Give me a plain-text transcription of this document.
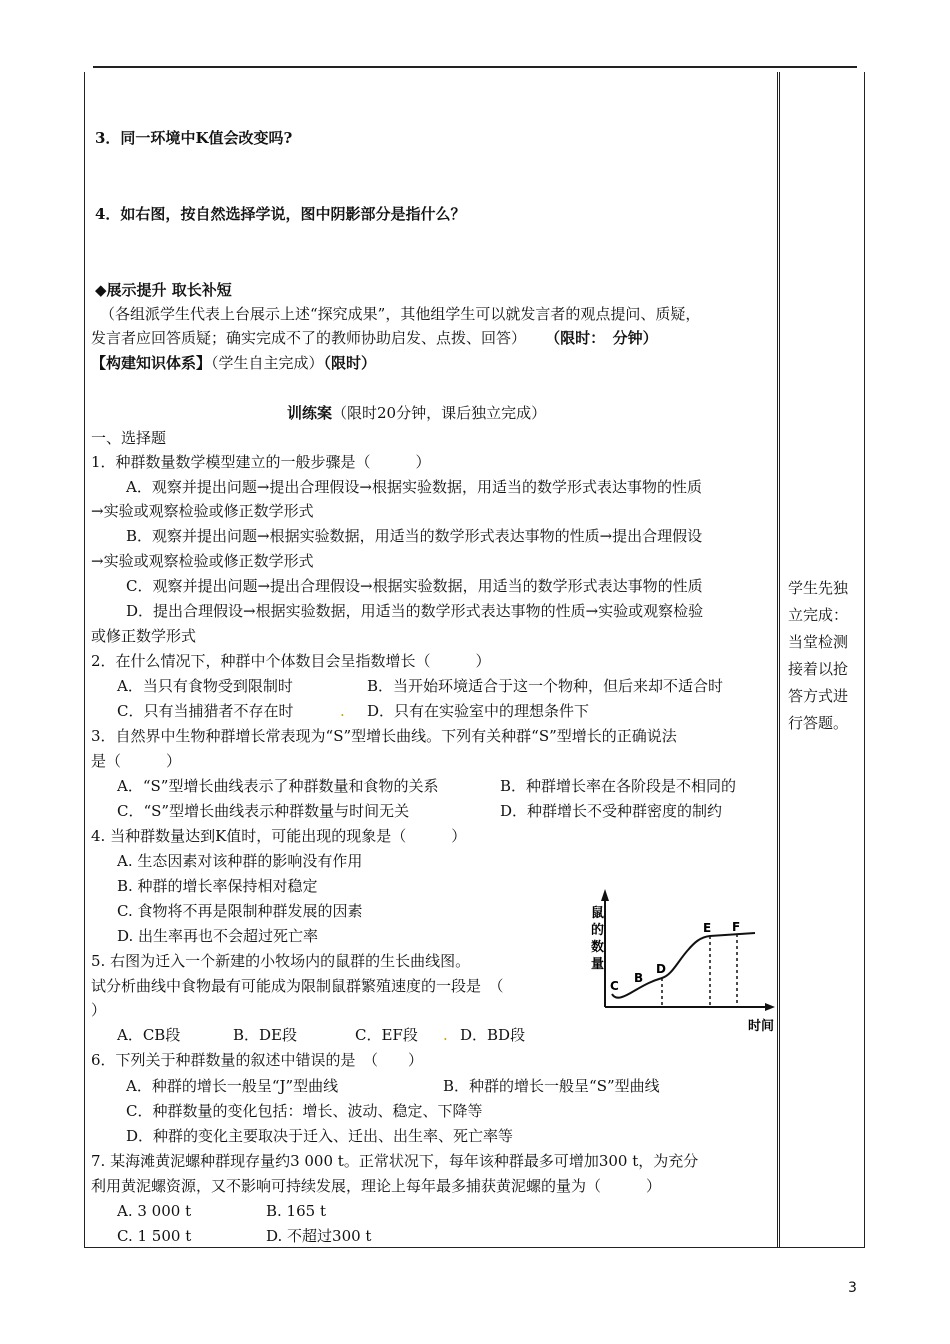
3．同一环境中K值会改变吗?
4．如右图，按自然选择学说，图中阴影部分是指什么？
◆展示提升 取长补短
（各组派学生代表上台展示上述“探究成果”，其他组学生可以就发言者的观点提问、质疑，
发言者应回答质疑；确实完成不了的教师协助启发、点拨、回答） （限时：　分钟）
【构建知识体系】（学生自主完成）（限时）
训练案（限时20分钟，课后独立完成）
一、选择题
1．种群数量数学模型建立的一般步骤是（　　　）
A．观察并提出问题→提出合理假设→根据实验数据，用适当的数学形式表达事物的性质
→实验或观察检验或修正数学形式
B．观察并提出问题→根据实验数据，用适当的数学形式表达事物的性质→提出合理假设
→实验或观察检验或修正数学形式
C．观察并提出问题→提出合理假设→根据实验数据，用适当的数学形式表达事物的性质
D．提出合理假设→根据实验数据，用适当的数学形式表达事物的性质→实验或观察检验
或修正数学形式
2．在什么情况下，种群中个体数目会呈指数增长（　　　）
A．当只有食物受到限制时	B．当开始环境适合于这一个物种，但后来却不适合时
C．只有当捕猎者不存在时	. D．只有在实验室中的理想条件下
3．自然界中生物种群增长常表现为“S”型增长曲线。下列有关种群“S”型增长的正确说法
是（　　　）
A．“S”型增长曲线表示了种群数量和食物的关系	B．种群增长率在各阶段是不相同的
C．“S”型增长曲线表示种群数量与时间无关	D．种群增长不受种群密度的制约
4. 当种群数量达到K值时，可能出现的现象是（　　　）
A. 生态因素对该种群的影响没有作用
B. 种群的增长率保持相对稳定
C. 食物将不再是限制种群发展的因素
D. 出生率再也不会超过死亡率
5. 右图为迁入一个新建的小牧场内的鼠群的生长曲线图。
试分析曲线中食物最有可能成为限制鼠群繁殖速度的一段是　（
）
A．CB段	B．DE段	C．EF段 . D．BD段
6．下列关于种群数量的叙述中错误的是　（　　）
A．种群的增长一般呈“J”型曲线	B．种群的增长一般呈“S”型曲线
C．种群数量的变化包括：增长、波动、稳定、下降等
D．种群的变化主要取决于迁入、迁出、出生率、死亡率等
7. 某海滩黄泥螺种群现存量约3 000 t。正常状况下，每年该种群最多可增加300 t，为充分
利用黄泥螺资源，又不影响可持续发展，理论上每年最多捕获黄泥螺的量为（　　　）
A. 3 000 t	B. 165 t
C. 1 500 t	D. 不超过300 t
学生先独
立完成：
当堂检测
接着以抢
答方式进
行答题。
鼠
的
数
量
C
B
D
E F
时间
3
